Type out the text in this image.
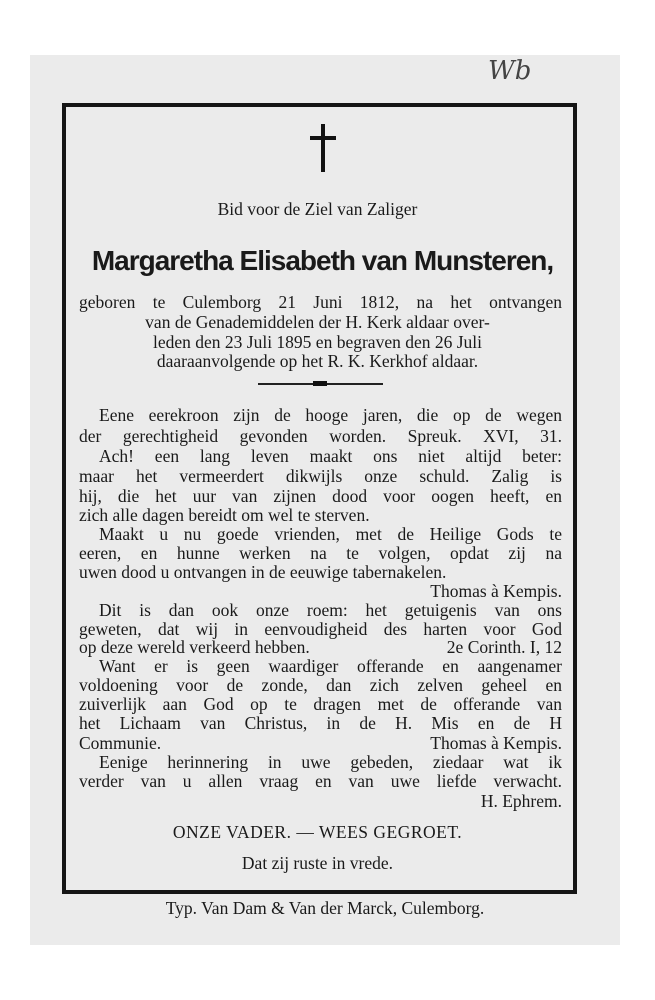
Wb
Bid voor de Ziel van Zaliger
Margaretha Elisabeth van Munsteren,
geboren te Culemborg 21 Juni 1812, na het ontvangen
van de Genademiddelen der H. Kerk aldaar over-
leden den 23 Juli 1895 en begraven den 26 Juli
daaraanvolgende op het R. K. Kerkhof aldaar.
Eene eerekroon zijn de hooge jaren, die op de wegen
der gerechtigheid gevonden worden. Spreuk. XVI, 31.
Ach! een lang leven maakt ons niet altijd beter:
maar het vermeerdert dikwijls onze schuld. Zalig is
hij, die het uur van zijnen dood voor oogen heeft, en
zich alle dagen bereidt om wel te sterven.
Maakt u nu goede vrienden, met de Heilige Gods te
eeren, en hunne werken na te volgen, opdat zij na
uwen dood u ontvangen in de eeuwige tabernakelen.
Thomas à Kempis.
Dit is dan ook onze roem: het getuigenis van ons
geweten, dat wij in eenvoudigheid des harten voor God
op deze wereld verkeerd hebben.	2e Corinth. I, 12
Want er is geen waardiger offerande en aangenamer
voldoening voor de zonde, dan zich zelven geheel en
zuiverlijk aan God op te dragen met de offerande van
het Lichaam van Christus, in de H. Mis en de H
Communie.	Thomas à Kempis.
Eenige herinnering in uwe gebeden, ziedaar wat ik
verder van u allen vraag en van uwe liefde verwacht.
H. Ephrem.
ONZE VADER. — WEES GEGROET.
Dat zij ruste in vrede.
Typ. Van Dam & Van der Marck, Culemborg.
